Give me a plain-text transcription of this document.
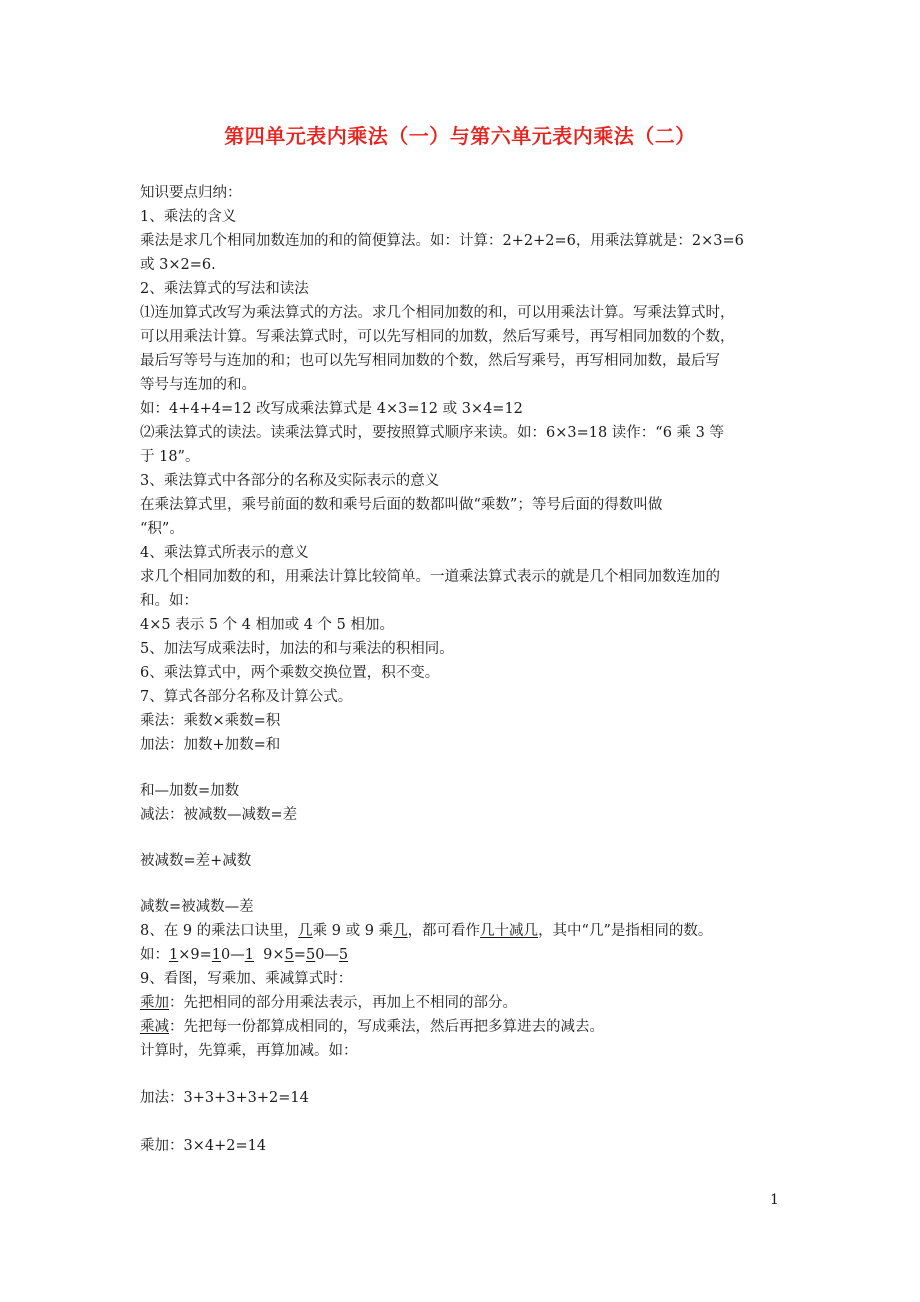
第四单元表内乘法（一）与第六单元表内乘法（二）
知识要点归纳：
1、乘法的含义
乘法是求几个相同加数连加的和的简便算法。如：计算：2+2+2=6，用乘法算就是：2×3=6
或 3×2=6.
2、乘法算式的写法和读法
⑴连加算式改写为乘法算式的方法。求几个相同加数的和，可以用乘法计算。写乘法算式时，
可以用乘法计算。写乘法算式时，可以先写相同的加数，然后写乘号，再写相同加数的个数，
最后写等号与连加的和；也可以先写相同加数的个数，然后写乘号，再写相同加数，最后写
等号与连加的和。
如：4+4+4=12 改写成乘法算式是 4×3=12 或 3×4=12
⑵乘法算式的读法。读乘法算式时，要按照算式顺序来读。如：6×3=18 读作：“6 乘 3 等
于 18”。
3、乘法算式中各部分的名称及实际表示的意义
在乘法算式里，乘号前面的数和乘号后面的数都叫做“乘数”；等号后面的得数叫做
“积”。
4、乘法算式所表示的意义
求几个相同加数的和，用乘法计算比较简单。一道乘法算式表示的就是几个相同加数连加的
和。如：
4×5 表示 5 个 4 相加或 4 个 5 相加。
5、加法写成乘法时，加法的和与乘法的积相同。
6、乘法算式中，两个乘数交换位置，积不变。
7、算式各部分名称及计算公式。
乘法：乘数×乘数=积
加法：加数+加数=和
和—加数=加数
减法：被减数—减数=差
被减数=差+减数
减数=被减数—差
8、在 9 的乘法口诀里，几乘 9 或 9 乘几，都可看作几十减几，其中“几”是指相同的数。
如：1×9=10—1  9×5=50—5
9、看图，写乘加、乘减算式时：
乘加：先把相同的部分用乘法表示，再加上不相同的部分。
乘减：先把每一份都算成相同的，写成乘法，然后再把多算进去的减去。
计算时，先算乘，再算加减。如：
加法：3+3+3+3+2=14
乘加：3×4+2=14
1
